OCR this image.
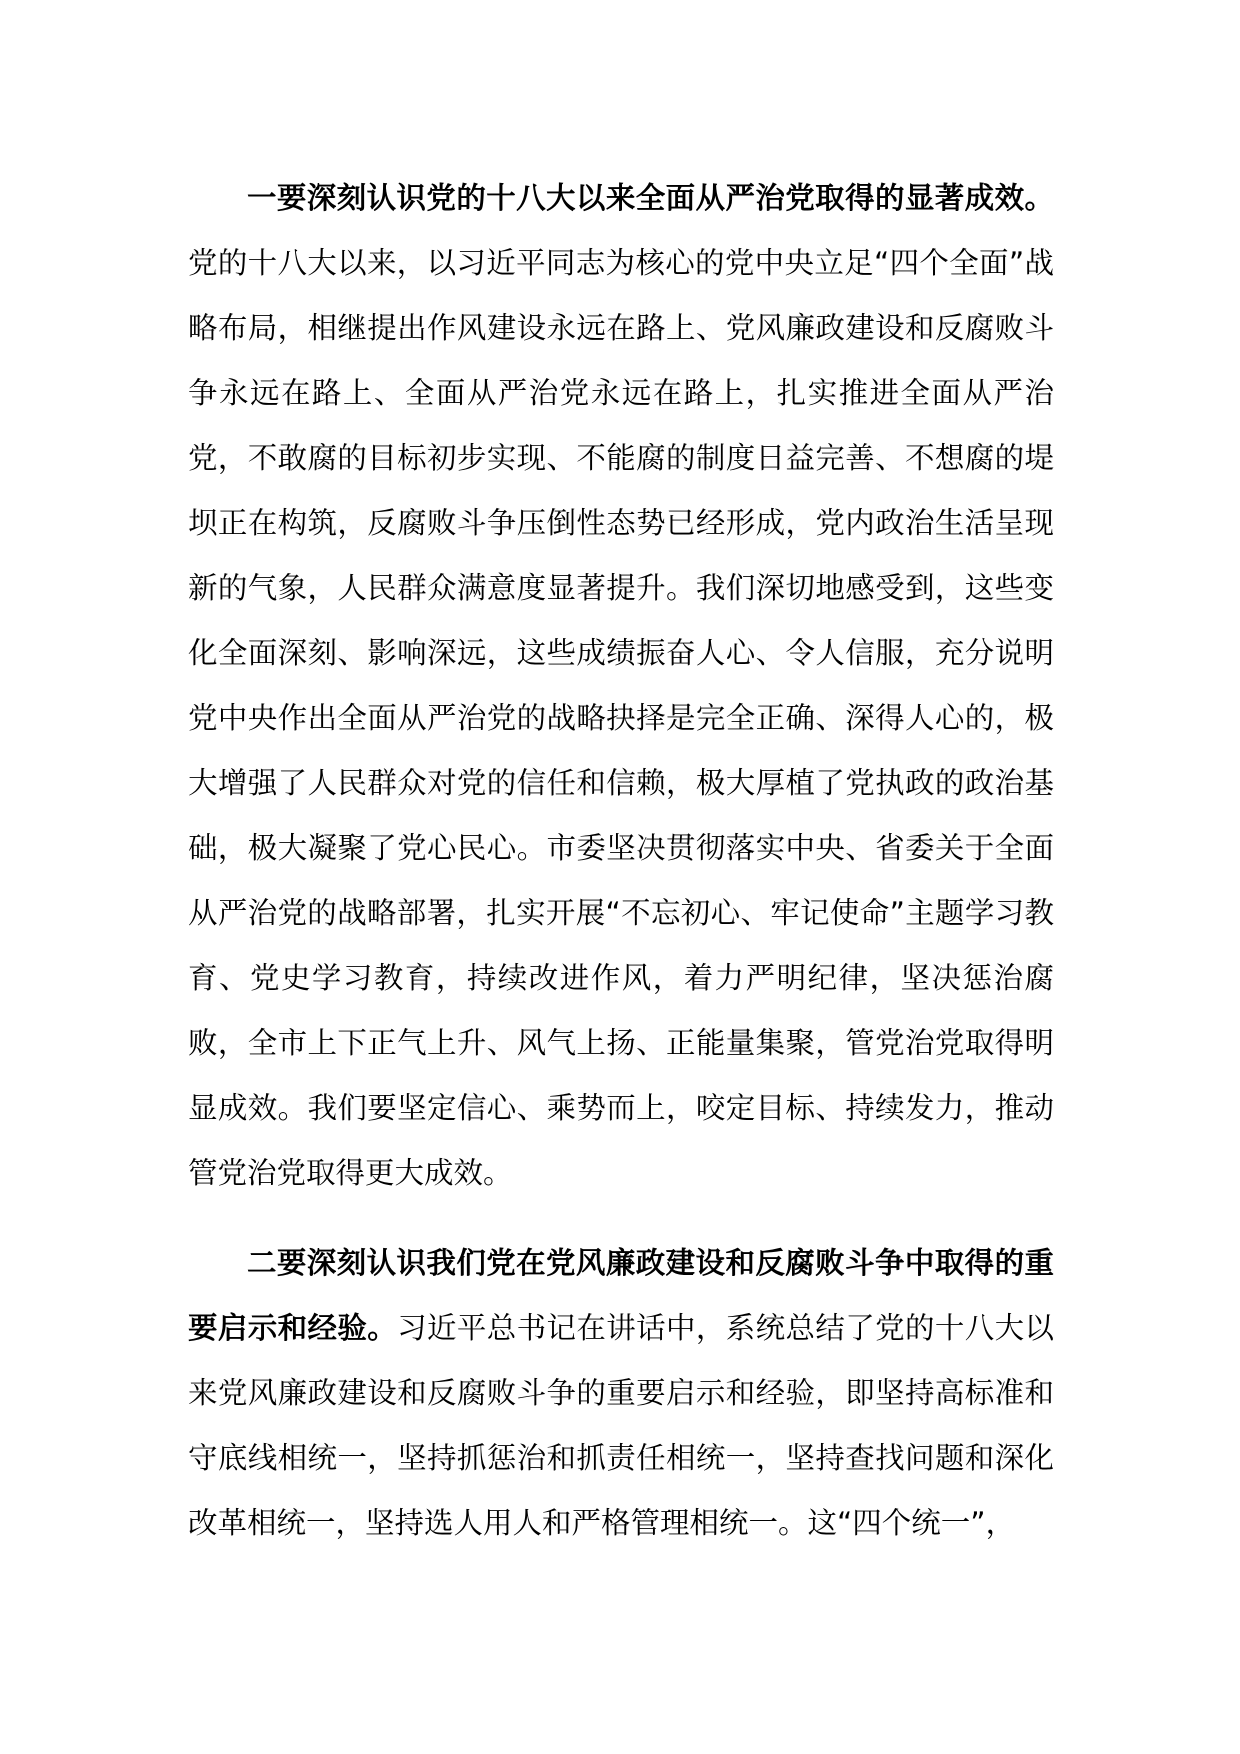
一要深刻认识党的十八大以来全面从严治党取得的显著成效。党的十八大以来，以习近平同志为核心的党中央立足“四个全面”战略布局，相继提出作风建设永远在路上、党风廉政建设和反腐败斗争永远在路上、全面从严治党永远在路上，扎实推进全面从严治党，不敢腐的目标初步实现、不能腐的制度日益完善、不想腐的堤坝正在构筑，反腐败斗争压倒性态势已经形成，党内政治生活呈现新的气象，人民群众满意度显著提升。我们深切地感受到，这些变化全面深刻、影响深远，这些成绩振奋人心、令人信服，充分说明党中央作出全面从严治党的战略抉择是完全正确、深得人心的，极大增强了人民群众对党的信任和信赖，极大厚植了党执政的政治基础，极大凝聚了党心民心。市委坚决贯彻落实中央、省委关于全面从严治党的战略部署，扎实开展“不忘初心、牢记使命”主题学习教育、党史学习教育，持续改进作风，着力严明纪律，坚决惩治腐败，全市上下正气上升、风气上扬、正能量集聚，管党治党取得明显成效。我们要坚定信心、乘势而上，咬定目标、持续发力，推动管党治党取得更大成效。

二要深刻认识我们党在党风廉政建设和反腐败斗争中取得的重要启示和经验。习近平总书记在讲话中，系统总结了党的十八大以来党风廉政建设和反腐败斗争的重要启示和经验，即坚持高标准和守底线相统一，坚持抓惩治和抓责任相统一，坚持查找问题和深化改革相统一，坚持选人用人和严格管理相统一。这“四个统一”，
